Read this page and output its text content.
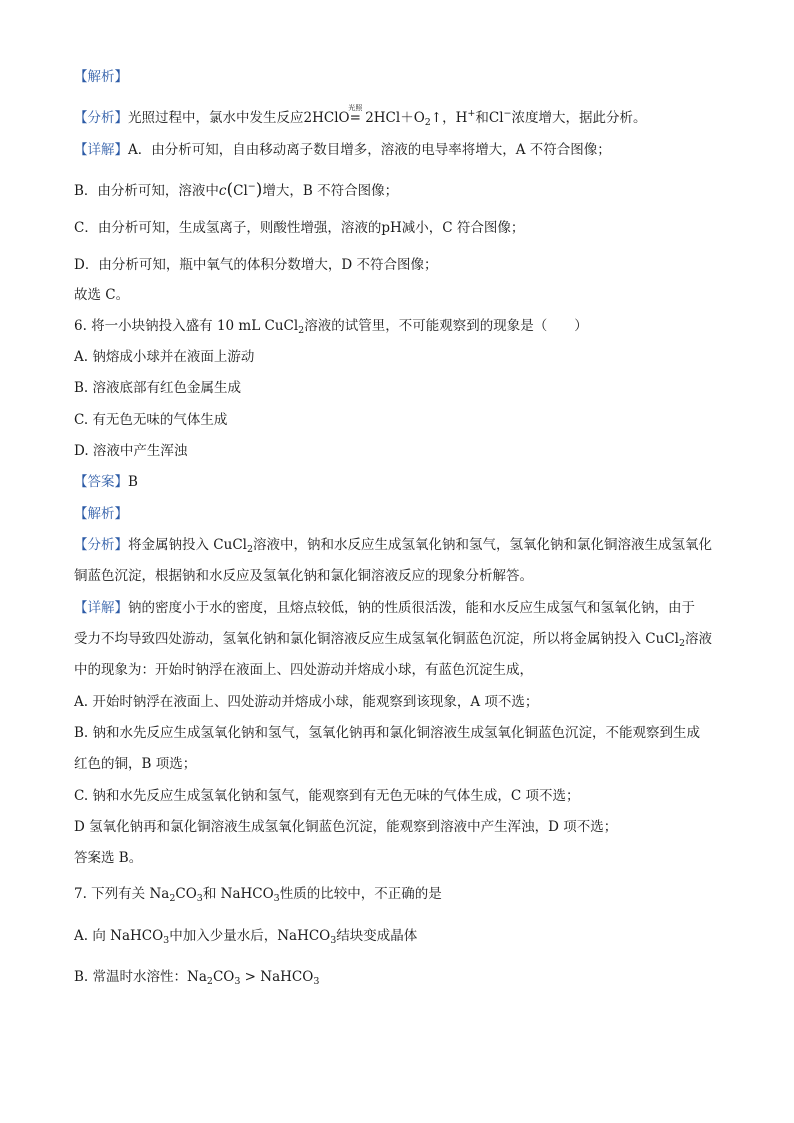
【解析】
【分析】光照过程中，氯水中发生反应2HClO
光照
= $2HCl+O_2↑$，H+和Cl−浓度增大，据此分析。
【详解】A．由分析可知，自由移动离子数目增多，溶液的电导率将增大，A 不符合图像；
B．由分析可知，溶液中c(Cl−)增大，B 不符合图像；
C．由分析可知，生成氢离子，则酸性增强，溶液的pH减小，C 符合图像；
D．由分析可知，瓶中氧气的体积分数增大，D 不符合图像；
故选 C。
6. 将一小块钠投入盛有 10 mL CuCl$_2$溶液的试管里，不可能观察到的现象是（　　）
A. 钠熔成小球并在液面上游动
B. 溶液底部有红色金属生成
C. 有无色无味的气体生成
D. 溶液中产生浑浊
【答案】B
【解析】
【分析】将金属钠投入 CuCl$_2$溶液中，钠和水反应生成氢氧化钠和氢气，氢氧化钠和氯化铜溶液生成氢氧化
铜蓝色沉淀，根据钠和水反应及氢氧化钠和氯化铜溶液反应的现象分析解答。
【详解】钠的密度小于水的密度，且熔点较低，钠的性质很活泼，能和水反应生成氢气和氢氧化钠，由于
受力不均导致四处游动，氢氧化钠和氯化铜溶液反应生成氢氧化铜蓝色沉淀，所以将金属钠投入 CuCl$_2$溶液
中的现象为：开始时钠浮在液面上、四处游动并熔成小球，有蓝色沉淀生成，
A. 开始时钠浮在液面上、四处游动并熔成小球，能观察到该现象，A 项不选；
B. 钠和水先反应生成氢氧化钠和氢气，氢氧化钠再和氯化铜溶液生成氢氧化铜蓝色沉淀，不能观察到生成
红色的铜，B 项选；
C. 钠和水先反应生成氢氧化钠和氢气，能观察到有无色无味的气体生成，C 项不选；
D 氢氧化钠再和氯化铜溶液生成氢氧化铜蓝色沉淀，能观察到溶液中产生浑浊，D 项不选；
答案选 B。
7. 下列有关 $Na_2CO_3$和 NaHCO$_3$性质的比较中，不正确的是
A. 向 NaHCO$_3$中加入少量水后，NaHCO$_3$结块变成晶体
B. 常温时水溶性：$Na_2CO_3$ > NaHCO$_3$
